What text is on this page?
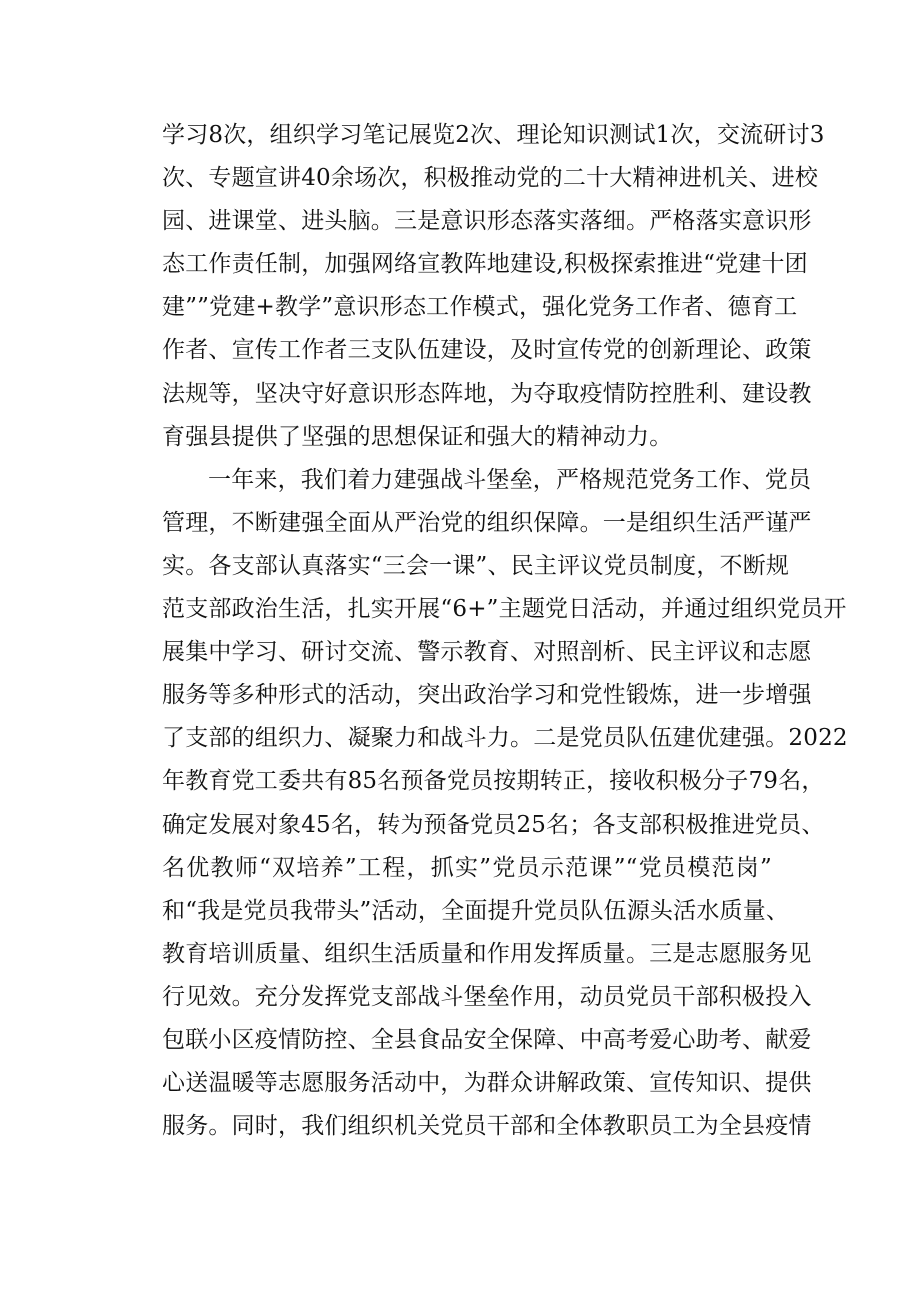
学习8次，组织学习笔记展览2次、理论知识测试1次，交流研讨3
次、专题宣讲40余场次，积极推动党的二十大精神进机关、进校
园、进课堂、进头脑。三是意识形态落实落细。严格落实意识形
态工作责任制，加强网络宣教阵地建设,积极探索推进“党建十团
建””党建+教学”意识形态工作模式，强化党务工作者、德育工
作者、宣传工作者三支队伍建设，及时宣传党的创新理论、政策
法规等，坚决守好意识形态阵地，为夺取疫情防控胜利、建设教
育强县提供了坚强的思想保证和强大的精神动力。
一年来，我们着力建强战斗堡垒，严格规范党务工作、党员
管理，不断建强全面从严治党的组织保障。一是组织生活严谨严
实。各支部认真落实“三会一课”、民主评议党员制度，不断规
范支部政治生活，扎实开展“6+”主题党日活动，并通过组织党员开
展集中学习、研讨交流、警示教育、对照剖析、民主评议和志愿
服务等多种形式的活动，突出政治学习和党性锻炼，进一步增强
了支部的组织力、凝聚力和战斗力。二是党员队伍建优建强。2022
年教育党工委共有85名预备党员按期转正，接收积极分子79名，
确定发展对象45名，转为预备党员25名；各支部积极推进党员、
名优教师“双培养”工程，抓实”党员示范课”“党员模范岗”
和“我是党员我带头”活动，全面提升党员队伍源头活水质量、
教育培训质量、组织生活质量和作用发挥质量。三是志愿服务见
行见效。充分发挥党支部战斗堡垒作用，动员党员干部积极投入
包联小区疫情防控、全县食品安全保障、中高考爱心助考、献爱
心送温暖等志愿服务活动中，为群众讲解政策、宣传知识、提供
服务。同时，我们组织机关党员干部和全体教职员工为全县疫情
